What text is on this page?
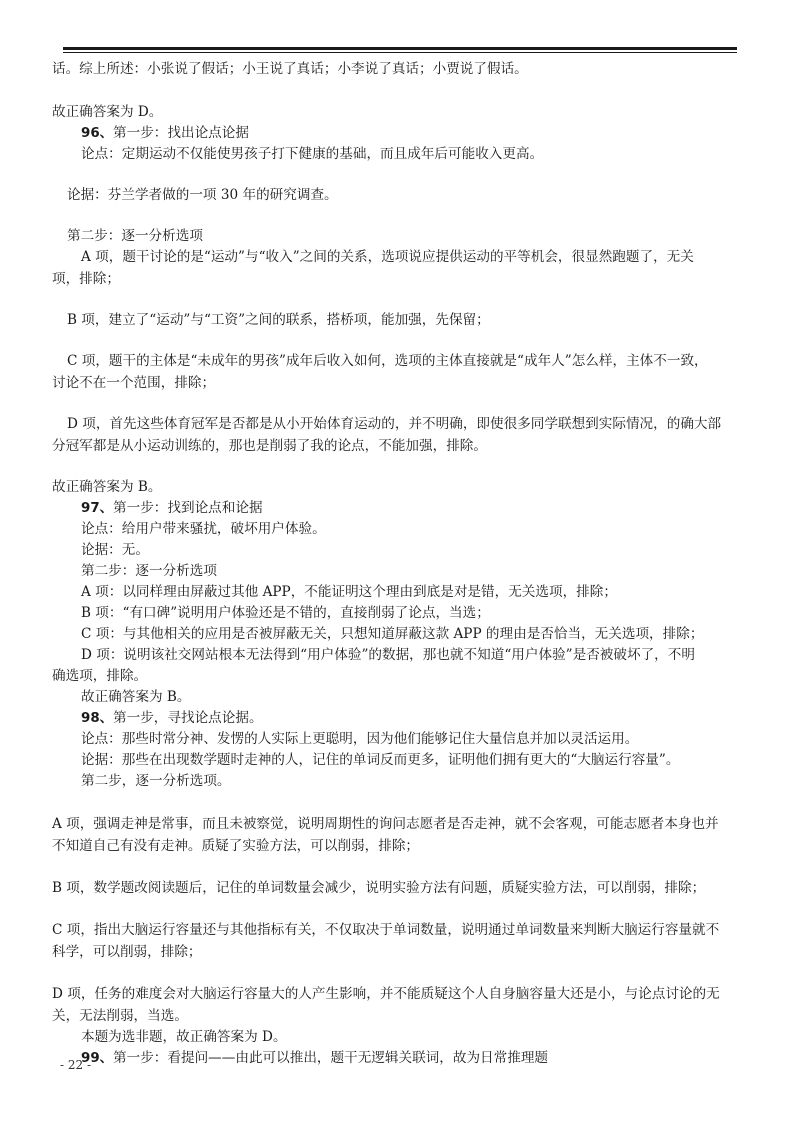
话。综上所述：小张说了假话；小王说了真话；小李说了真话；小贾说了假话。
故正确答案为 D。
96、第一步：找出论点论据
论点：定期运动不仅能使男孩子打下健康的基础，而且成年后可能收入更高。
论据：芬兰学者做的一项 30 年的研究调查。
第二步：逐一分析选项
A 项，题干讨论的是“运动”与“收入”之间的关系，选项说应提供运动的平等机会，很显然跑题了，无关
项，排除；
B 项，建立了“运动”与“工资”之间的联系，搭桥项，能加强，先保留；
C 项，题干的主体是“未成年的男孩”成年后收入如何，选项的主体直接就是“成年人”怎么样，主体不一致，
讨论不在一个范围，排除；
D 项，首先这些体育冠军是否都是从小开始体育运动的，并不明确，即使很多同学联想到实际情况，的确大部
分冠军都是从小运动训练的，那也是削弱了我的论点，不能加强，排除。
故正确答案为 B。
97、第一步：找到论点和论据
论点：给用户带来骚扰，破坏用户体验。
论据：无。
第二步：逐一分析选项
A 项：以同样理由屏蔽过其他 APP，不能证明这个理由到底是对是错，无关选项，排除；
B 项：“有口碑”说明用户体验还是不错的，直接削弱了论点，当选；
C 项：与其他相关的应用是否被屏蔽无关，只想知道屏蔽这款 APP 的理由是否恰当，无关选项，排除；
D 项：说明该社交网站根本无法得到“用户体验”的数据，那也就不知道“用户体验”是否被破坏了，不明
确选项，排除。
故正确答案为 B。
98、第一步，寻找论点论据。
论点：那些时常分神、发愣的人实际上更聪明，因为他们能够记住大量信息并加以灵活运用。
论据：那些在出现数学题时走神的人，记住的单词反而更多，证明他们拥有更大的“大脑运行容量”。
第二步，逐一分析选项。
A 项，强调走神是常事，而且未被察觉，说明周期性的询问志愿者是否走神，就不会客观，可能志愿者本身也并
不知道自己有没有走神。质疑了实验方法，可以削弱，排除；
B 项，数学题改阅读题后，记住的单词数量会减少，说明实验方法有问题，质疑实验方法，可以削弱，排除；
C 项，指出大脑运行容量还与其他指标有关，不仅取决于单词数量，说明通过单词数量来判断大脑运行容量就不
科学，可以削弱，排除；
D 项，任务的难度会对大脑运行容量大的人产生影响，并不能质疑这个人自身脑容量大还是小，与论点讨论的无
关，无法削弱，当选。
本题为选非题，故正确答案为 D。
99、第一步：看提问——由此可以推出，题干无逻辑关联词，故为日常推理题
- 22 -
